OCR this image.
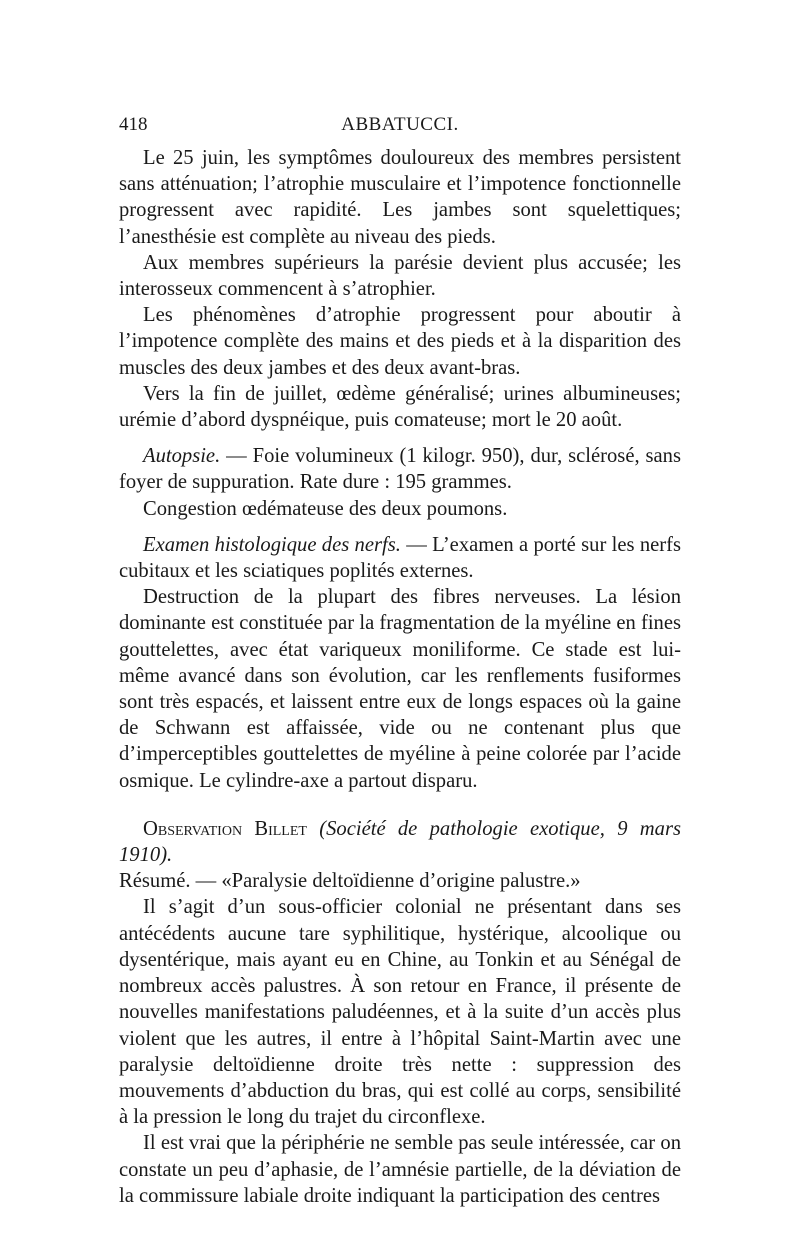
418	ABBATUCCI.

Le 25 juin, les symptômes douloureux des membres persistent sans atténuation; l’atrophie musculaire et l’impotence fonctionnelle progressent avec rapidité. Les jambes sont squelettiques; l’anesthésie est complète au niveau des pieds.

Aux membres supérieurs la parésie devient plus accusée; les interosseux commencent à s’atrophier.

Les phénomènes d’atrophie progressent pour aboutir à l’impotence complète des mains et des pieds et à la disparition des muscles des deux jambes et des deux avant-bras.

Vers la fin de juillet, œdème généralisé; urines albumineuses; urémie d’abord dyspnéique, puis comateuse; mort le 20 août.

Autopsie. — Foie volumineux (1 kilogr. 950), dur, sclérosé, sans foyer de suppuration. Rate dure : 195 grammes.

Congestion œdémateuse des deux poumons.

Examen histologique des nerfs. — L’examen a porté sur les nerfs cubitaux et les sciatiques poplités externes.

Destruction de la plupart des fibres nerveuses. La lésion dominante est constituée par la fragmentation de la myéline en fines gouttelettes, avec état variqueux moniliforme. Ce stade est lui-même avancé dans son évolution, car les renflements fusiformes sont très espacés, et laissent entre eux de longs espaces où la gaine de Schwann est affaissée, vide ou ne contenant plus que d’imperceptibles gouttelettes de myéline à peine colorée par l’acide osmique. Le cylindre-axe a partout disparu.

Observation Billet (Société de pathologie exotique, 9 mars 1910).

Résumé. — «Paralysie deltoïdienne d’origine palustre.»

Il s’agit d’un sous-officier colonial ne présentant dans ses antécédents aucune tare syphilitique, hystérique, alcoolique ou dysentérique, mais ayant eu en Chine, au Tonkin et au Sénégal de nombreux accès palustres. À son retour en France, il présente de nouvelles manifestations paludéennes, et à la suite d’un accès plus violent que les autres, il entre à l’hôpital Saint-Martin avec une paralysie deltoïdienne droite très nette : suppression des mouvements d’abduction du bras, qui est collé au corps, sensibilité à la pression le long du trajet du circonflexe.

Il est vrai que la périphérie ne semble pas seule intéressée, car on constate un peu d’aphasie, de l’amnésie partielle, de la déviation de la commissure labiale droite indiquant la participation des centres
